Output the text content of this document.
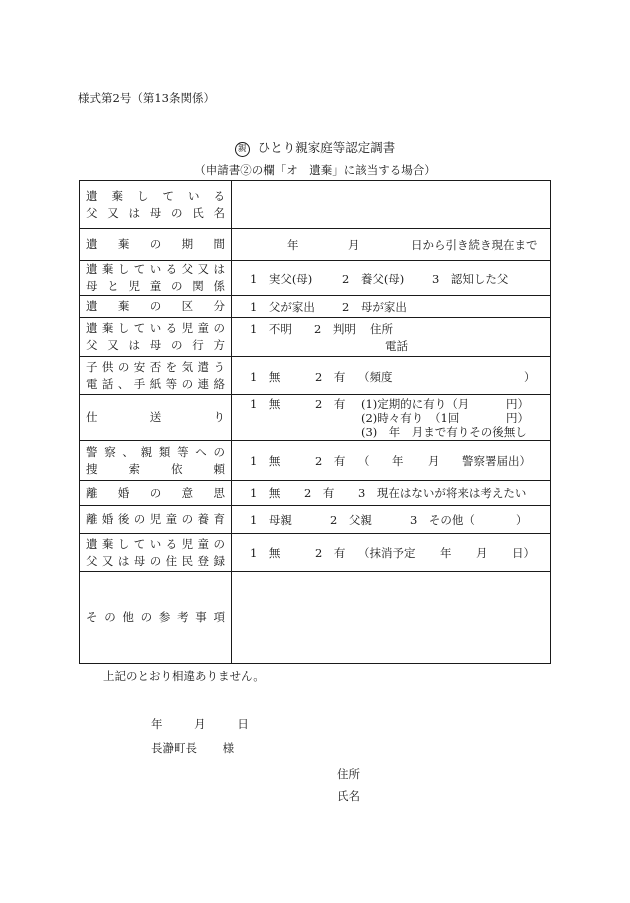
様式第2号（第13条関係）
親 ひとり親家庭等認定調書
（申請書②の欄「オ　遺棄」に該当する場合）
遺棄している
父又は母の氏名
遺棄の期間	年	月	日から引き続き現在まで
遺棄している父又は
母と児童の関係 1　実父(母)	2　養父(母) 3　認知した父
遺棄の区分 1　父が家出 2　母が家出
遺棄している児童の
父又は母の行方
1　不明 2　判明 住所
電話
子供の安否を気遣う
電話、手紙等の連絡 1　無	2　有 （頻度	）
仕送り
1　無	2　有 (1)定期的に有り（月	円）
(2)時々有り　（1回	円）
(3)　年　月まで有りその後無し
警察、親類等への
捜索依頼
1　無	2　有 （ 年 月 警察署届出）
離婚の意思 1　無 2　有 3　現在はないが将来は考えたい
離婚後の児童の養育 1　母親	2　父親	3　その他（	）
遺棄している児童の
父又は母の住民登録
1　無	2　有 （抹消予定 年 月 日）
その他の参考事項
上記のとおり相違ありません。
年	月	日
長瀞町長 様
住所
氏名
